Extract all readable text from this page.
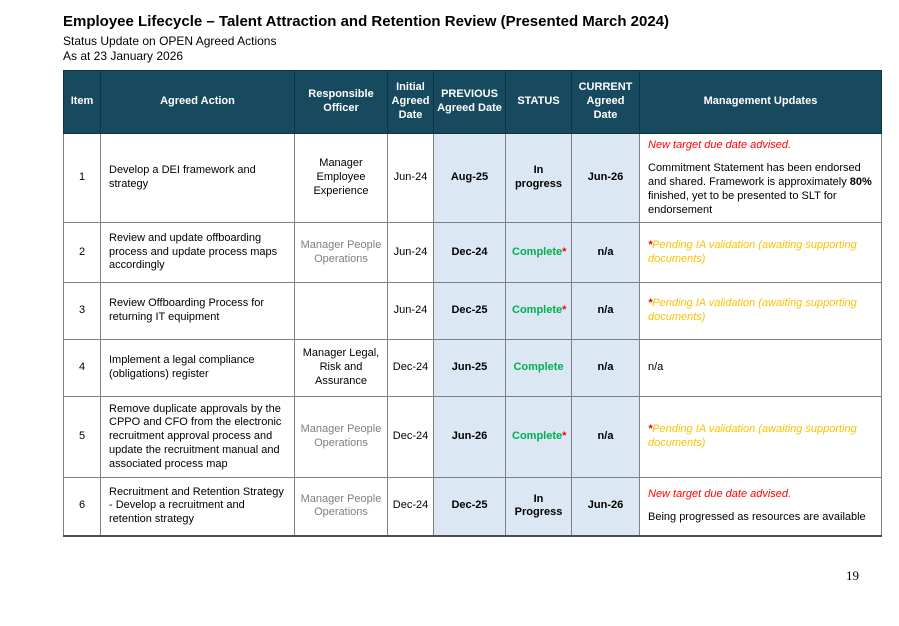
Employee Lifecycle – Talent Attraction and Retention Review (Presented March 2024)

Status Update on OPEN Agreed Actions

As at 23 January 2026

Item	Agreed Action	Responsible Officer	Initial Agreed Date	PREVIOUS Agreed Date	STATUS	CURRENT Agreed Date	Management Updates
1	Develop a DEI framework and strategy	Manager Employee Experience	Jun-24	Aug-25	In progress	Jun-26	New target due date advised.

Commitment Statement has been endorsed and shared. Framework is approximately 80% finished, yet to be presented to SLT for endorsement

2	Review and update offboarding process and update process maps accordingly	Manager People Operations	Jun-24	Dec-24	Complete*	n/a	*Pending IA validation (awaiting supporting documents)

3	Review Offboarding Process for returning IT equipment		Jun-24	Dec-25	Complete*	n/a	*Pending IA validation (awaiting supporting documents)

4	Implement a legal compliance (obligations) register	Manager Legal, Risk and Assurance	Dec-24	Jun-25	Complete	n/a	n/a

5	Remove duplicate approvals by the CPPO and CFO from the electronic recruitment approval process and update the recruitment manual and associated process map	Manager People Operations	Dec-24	Jun-26	Complete*	n/a	*Pending IA validation (awaiting supporting documents)

6	Recruitment and Retention Strategy - Develop a recruitment and retention strategy	Manager People Operations	Dec-24	Dec-25	In Progress	Jun-26	New target due date advised.

Being progressed as resources are available

19
